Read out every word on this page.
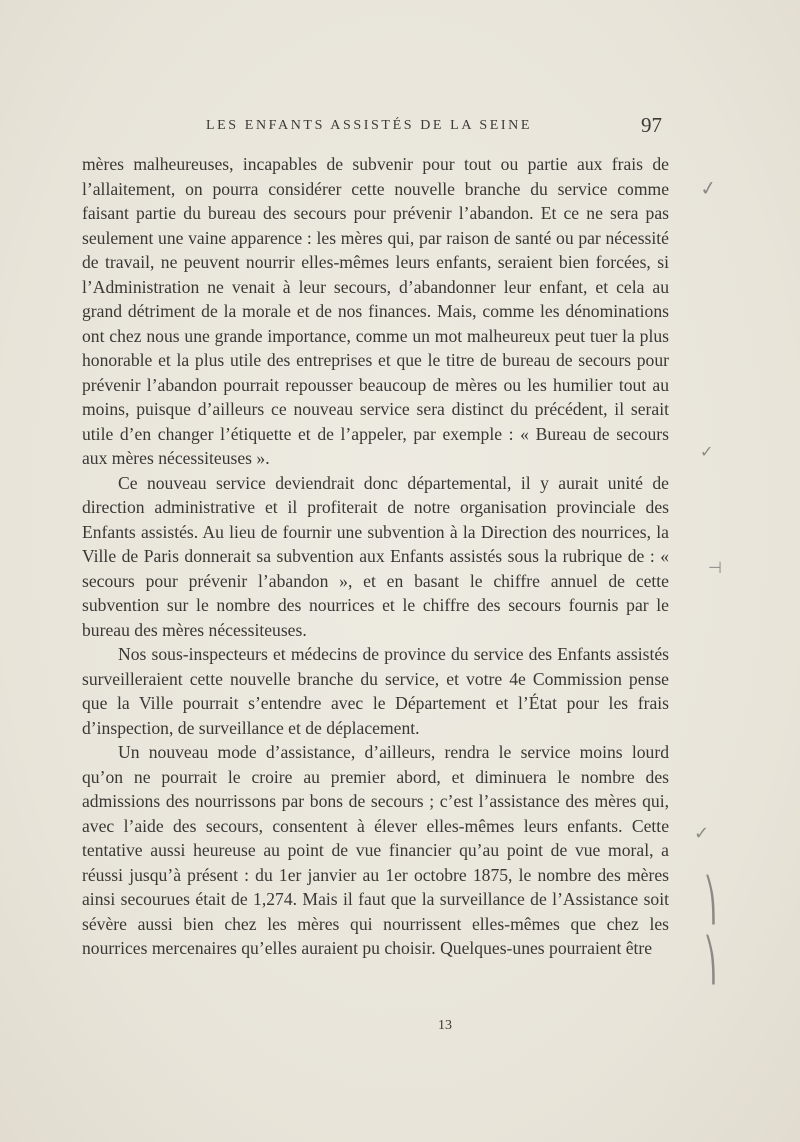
LES ENFANTS ASSISTÉS DE LA SEINE	97

mères malheureuses, incapables de subvenir pour tout ou partie aux frais de l’allaitement, on pourra considérer cette nouvelle branche du service comme faisant partie du bureau des secours pour prévenir l’abandon. Et ce ne sera pas seulement une vaine apparence : les mères qui, par raison de santé ou par nécessité de travail, ne peuvent nourrir elles-mêmes leurs enfants, seraient bien forcées, si l’Administration ne venait à leur secours, d’abandonner leur enfant, et cela au grand détriment de la morale et de nos finances. Mais, comme les dénominations ont chez nous une grande importance, comme un mot malheureux peut tuer la plus honorable et la plus utile des entreprises et que le titre de bureau de secours pour prévenir l’abandon pourrait repousser beaucoup de mères ou les humilier tout au moins, puisque d’ailleurs ce nouveau service sera distinct du précédent, il serait utile d’en changer l’étiquette et de l’appeler, par exemple : « Bureau de secours aux mères nécessiteuses ».

Ce nouveau service deviendrait donc départemental, il y aurait unité de direction administrative et il profiterait de notre organisation provinciale des Enfants assistés. Au lieu de fournir une subvention à la Direction des nourrices, la Ville de Paris donnerait sa subvention aux Enfants assistés sous la rubrique de : « secours pour prévenir l’abandon », et en basant le chiffre annuel de cette subvention sur le nombre des nourrices et le chiffre des secours fournis par le bureau des mères nécessiteuses.

Nos sous-inspecteurs et médecins de province du service des Enfants assistés surveilleraient cette nouvelle branche du service, et votre 4e Commission pense que la Ville pourrait s’entendre avec le Département et l’État pour les frais d’inspection, de surveillance et de déplacement.

Un nouveau mode d’assistance, d’ailleurs, rendra le service moins lourd qu’on ne pourrait le croire au premier abord, et diminuera le nombre des admissions des nourrissons par bons de secours ; c’est l’assistance des mères qui, avec l’aide des secours, consentent à élever elles-mêmes leurs enfants. Cette tentative aussi heureuse au point de vue financier qu’au point de vue moral, a réussi jusqu’à présent : du 1er janvier au 1er octobre 1875, le nombre des mères ainsi secourues était de 1,274. Mais il faut que la surveillance de l’Assistance soit sévère aussi bien chez les mères qui nourrissent elles-mêmes que chez les nourrices mercenaires qu’elles auraient pu choisir. Quelques-unes pourraient être

13
✓
✓
⊣
✓
⎞
⎞
